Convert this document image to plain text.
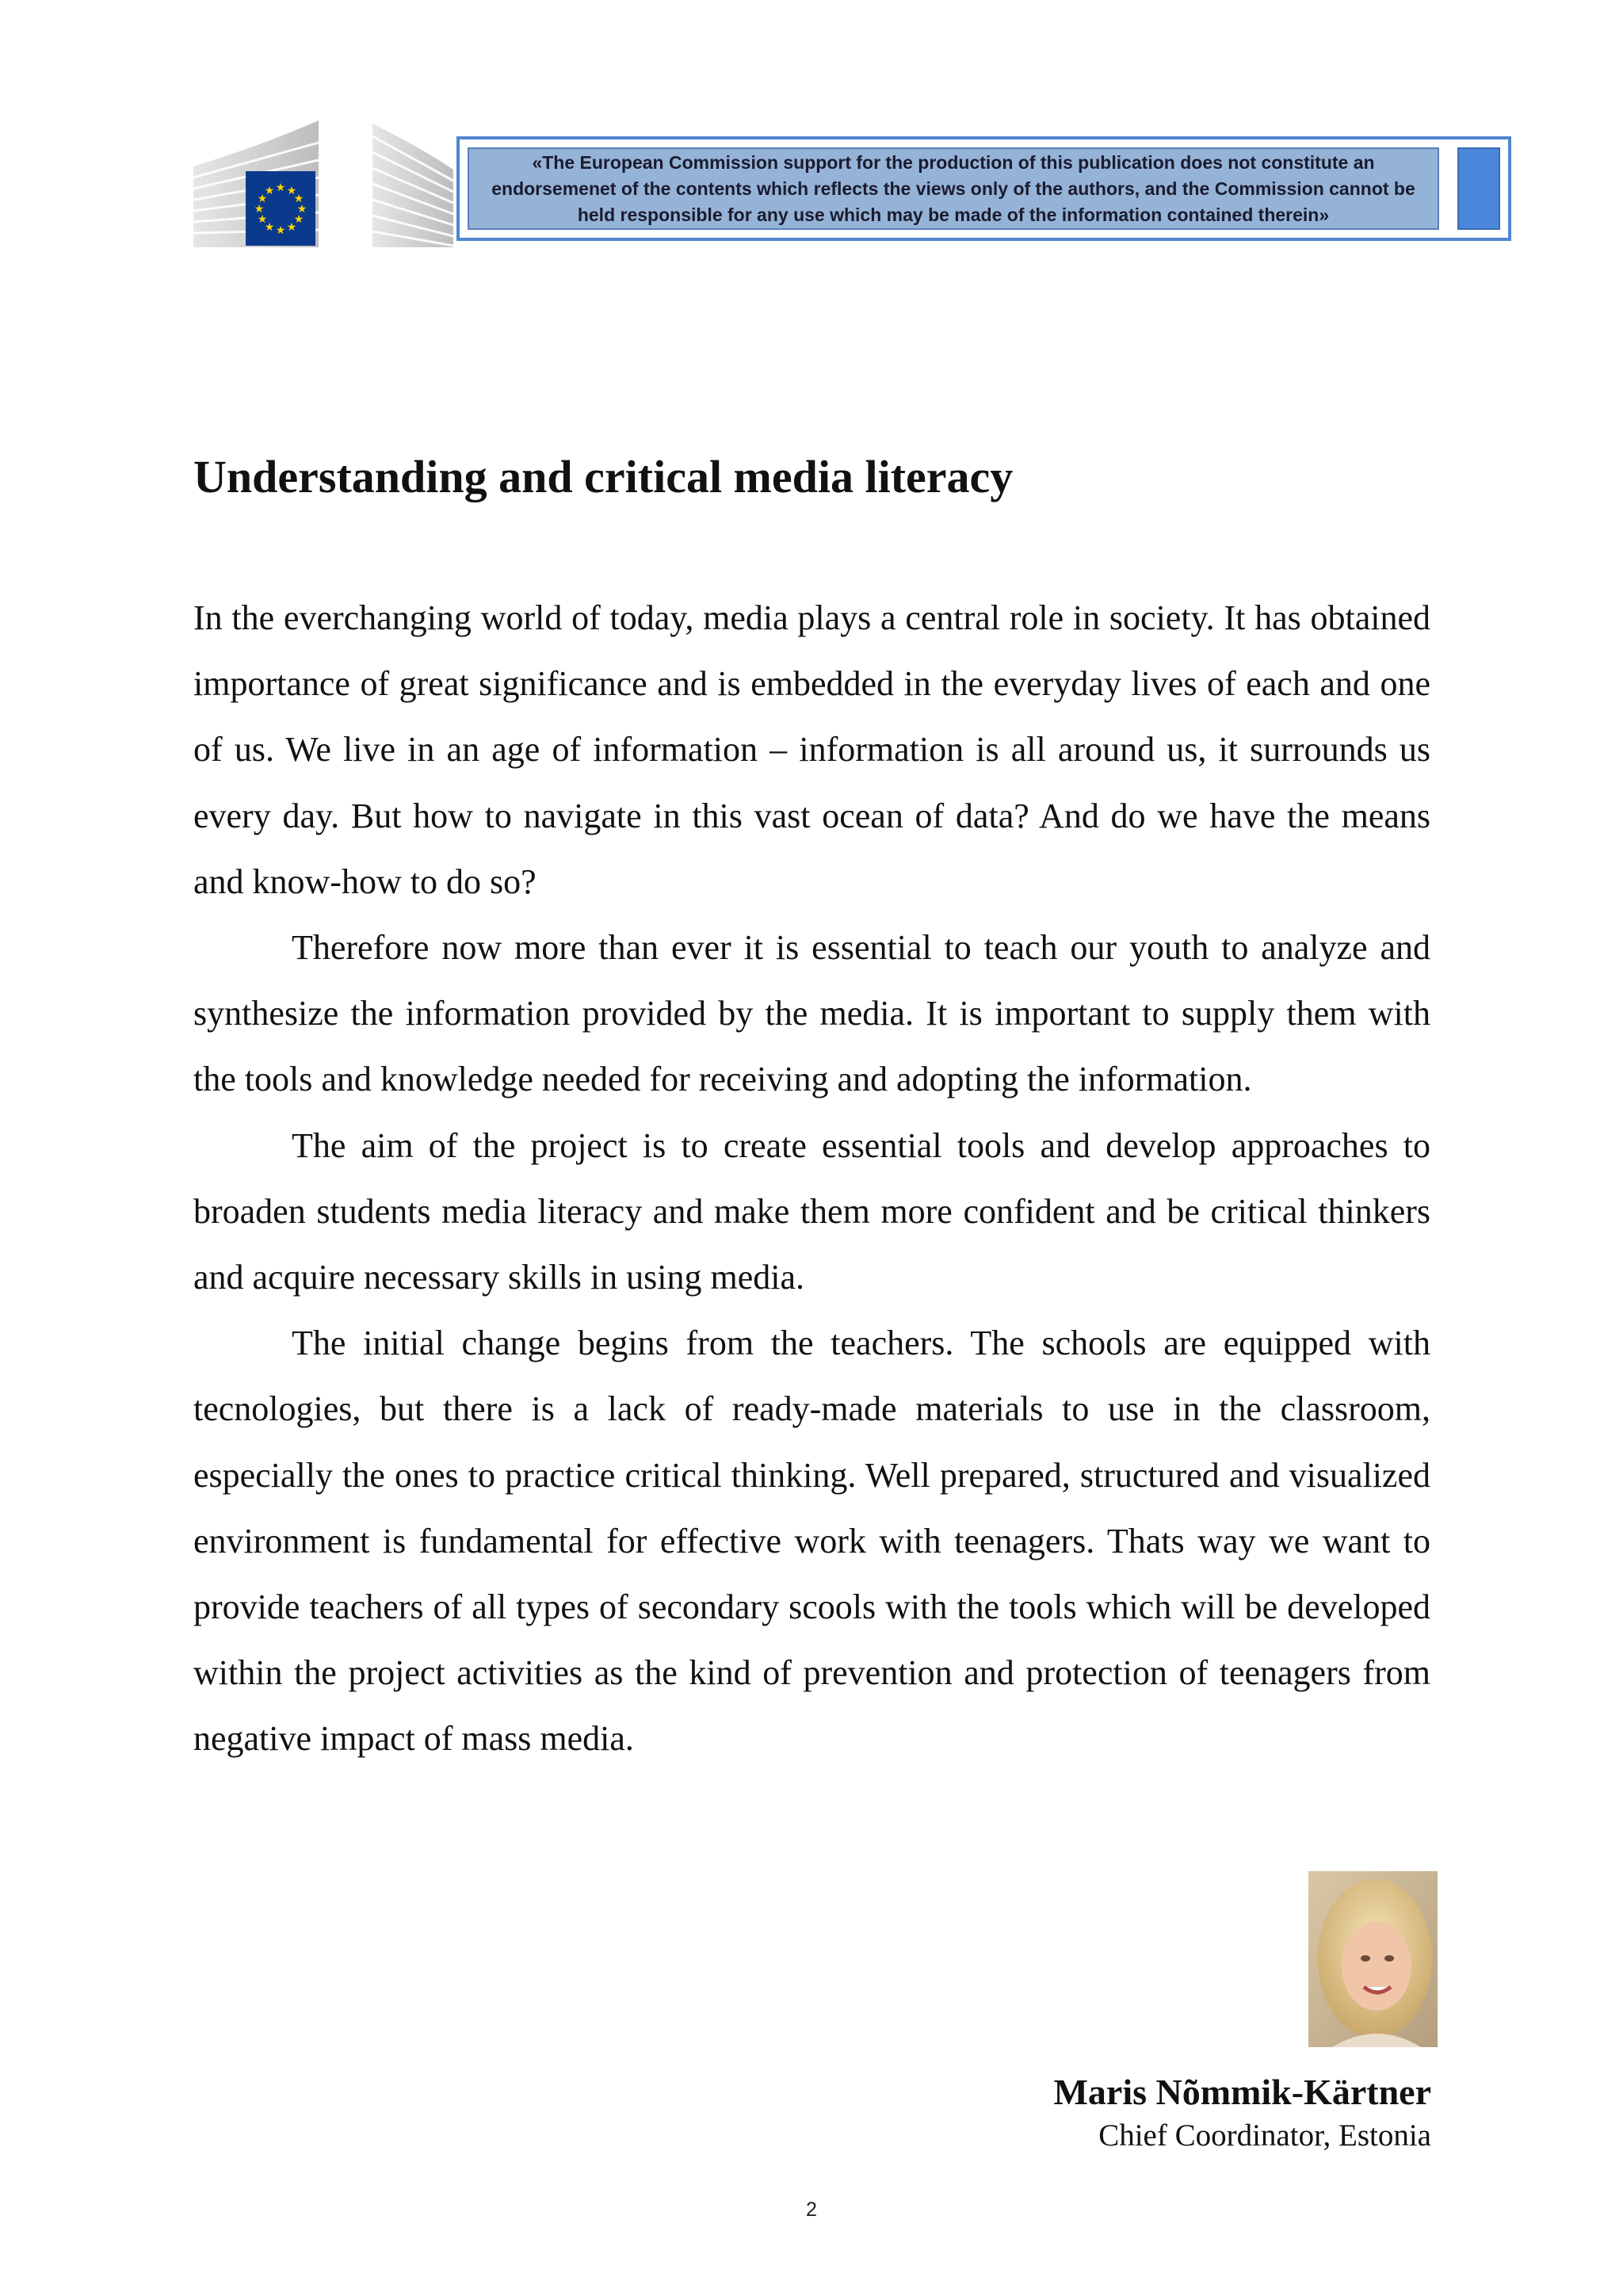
★ ★
★
★
★
★
★
★
★
★
★
★
«The European Commission support for the production of this publication does not constitute an endorsemenet of the contents which reflects the views only of the authors, and the Commission cannot be held responsible for any use which may be made of the information contained therein»
Understanding and critical media literacy

In the everchanging world of today, media plays a central role in society. It has obtained importance of great significance and is embedded in the everyday lives of each and one of us. We live in an age of information – information is all around us, it surrounds us every day. But how to navigate in this vast ocean of data? And do we have the means and know-how to do so?

Therefore now more than ever it is essential to teach our youth to analyze and synthesize the information provided by the media. It is important to supply them with the tools and knowledge needed for receiving and adopting the information.

The aim of the project is to create essential tools and develop approaches to broaden students media literacy and make them more confident and be critical thinkers and acquire necessary skills in using media.

The initial change begins from the teachers. The schools are equipped with tecnologies, but there is a lack of ready-made materials to use in the classroom, especially the ones to practice critical thinking. Well prepared, structured and visualized environment is fundamental for effective work with teenagers. Thats way we want to provide teachers of all types of secondary scools with the tools which will be developed within the project activities as the kind of prevention and protection of teenagers from negative impact of mass media.

Maris Nõmmik-Kärtner
Chief Coordinator, Estonia
2
